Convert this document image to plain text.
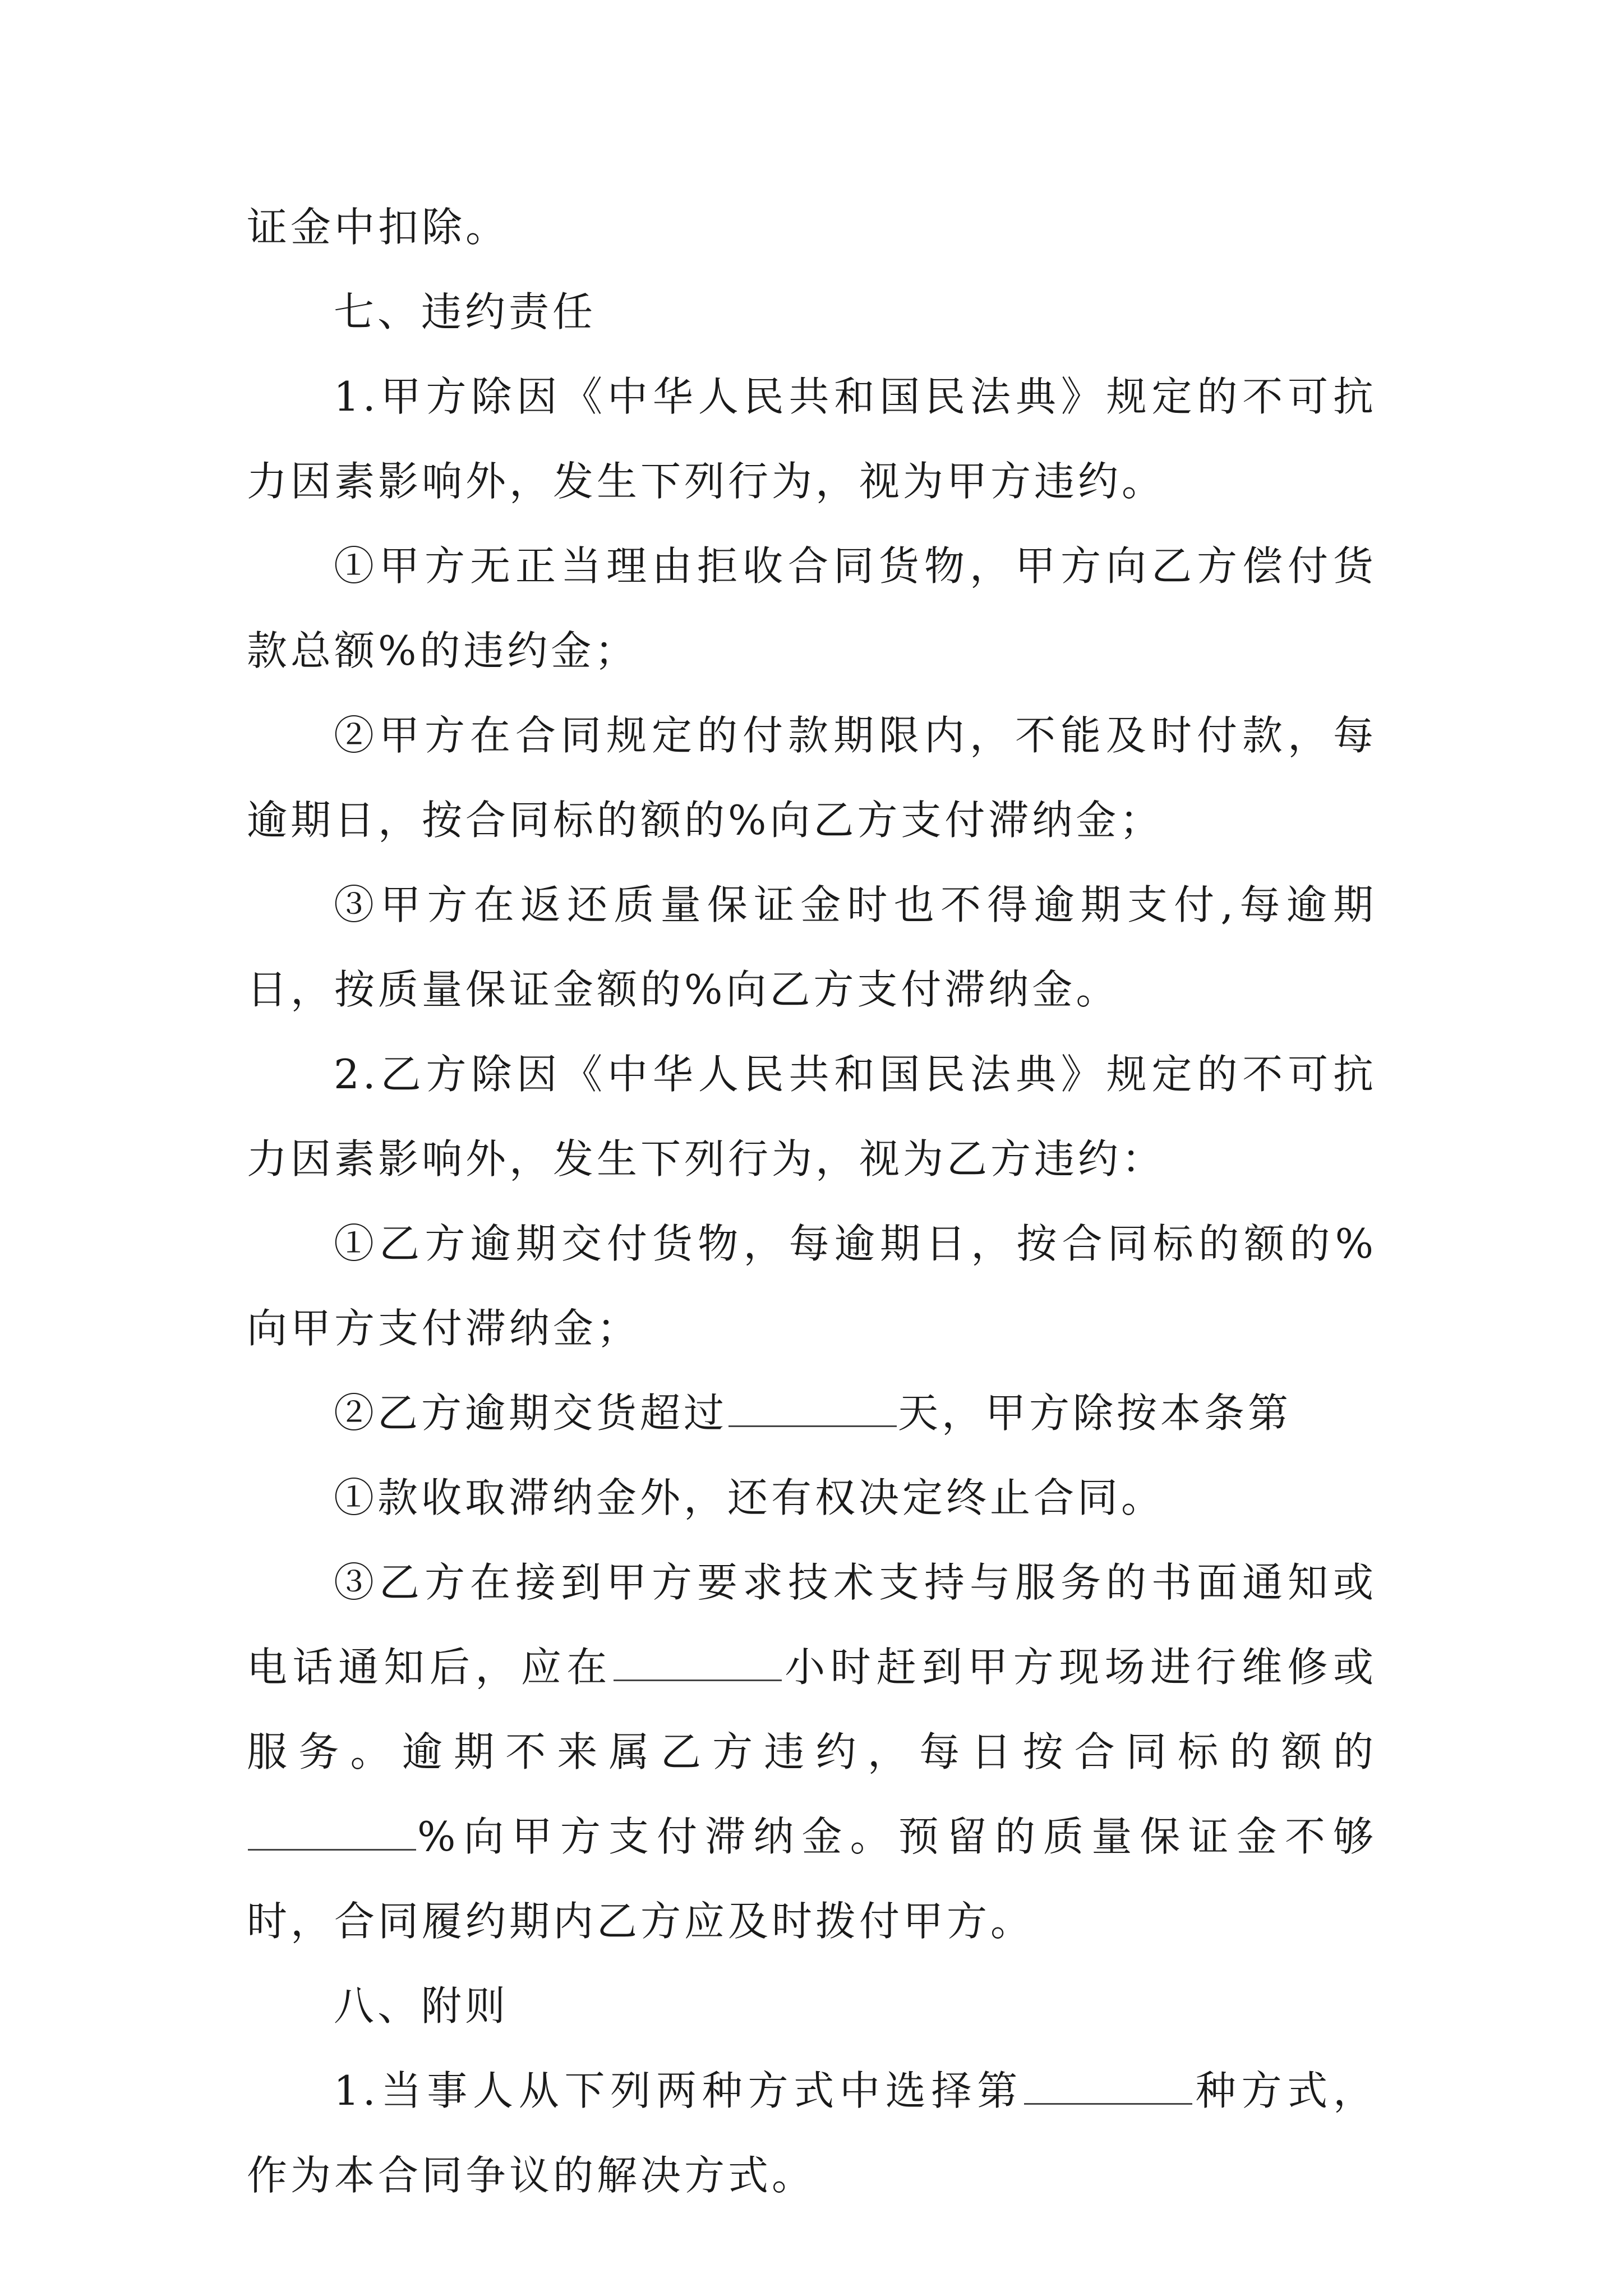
证金中扣除。

七、违约责任

1.甲方除因《中华人民共和国民法典》规定的不可抗力因素影响外，发生下列行为，视为甲方违约。

①甲方无正当理由拒收合同货物，甲方向乙方偿付货款总额%的违约金；

②甲方在合同规定的付款期限内，不能及时付款，每逾期日，按合同标的额的%向乙方支付滞纳金；

③甲方在返还质量保证金时也不得逾期支付,每逾期日，按质量保证金额的%向乙方支付滞纳金。

2.乙方除因《中华人民共和国民法典》规定的不可抗力因素影响外，发生下列行为，视为乙方违约：

①乙方逾期交付货物，每逾期日，按合同标的额的%向甲方支付滞纳金；

②乙方逾期交货超过	天，甲方除按本条第

①款收取滞纳金外，还有权决定终止合同。

③乙方在接到甲方要求技术支持与服务的书面通知或电话通知后，应在	小时赶到甲方现场进行维修或服务。逾期不来属乙方违约，每日按合同标的额的%向甲方支付滞纳金。预留的质量保证金不够时，合同履约期内乙方应及时拨付甲方。

八、附则

1.当事人从下列两种方式中选择第	种方式，作为本合同争议的解决方式。
